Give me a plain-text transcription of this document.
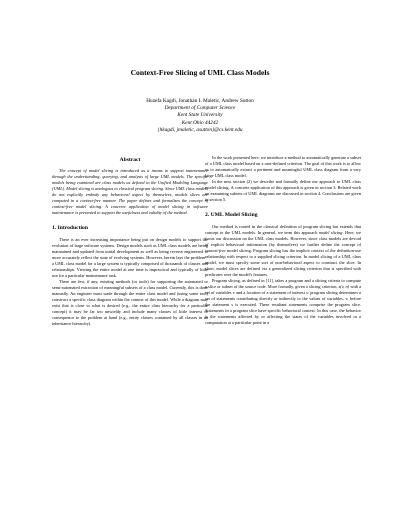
Context-Free Slicing of UML Class Models
Huzefa Kagdi, Jonathan I. Maletic, Andrew Sutton
Department of Computer Science
Kent State University
Kent Ohio 44242
{hkagdi, jmaletic, asutton}@cs.kent.edu
Abstract

The concept of model slicing is introduced as a means to support maintenance through the understanding, querying, and analysis of large UML models. The specific models being examined are class models as defined in the Unified Modeling Language (UML). Model slicing is analogous to classical program slicing. Since UML class models do not explicitly embody any behavioral aspect by themselves, models slices are computed in a context-free manner. The paper defines and formalizes the concept of context-free model slicing. A concrete application of model slicing in software maintenance is presented to support the usefulness and validity of the method.

1. Introduction

There is an ever increasing importance being put on design models to support the evolution of large software systems. Design models such as UML class models are being maintained and updated from initial development as well as being reverse engineered to more accurately reflect the state of evolving systems. However, herein lays the problem - a UML class model for a large system is typically comprised of thousands of classes and relationships. Viewing the entire model at one time is impractical and typically of little use for a particular maintenance task.

There are few, if any, existing methods (or tools) for supporting the automated or semi-automated extraction of meaningful subsets of a class model. Currently, this is done manually. An engineer must wade through the entire class model and (using some tool) construct a specific class diagram within the context of this model. While a diagram may exist that is close to what is desired (e.g., the entire class hierarchy for a particular concept) it may be far too unwieldy and include many classes of little interest or consequence to the problem at hand (e.g., entity classes contained by all classes in an inheritance hierarchy).

In the work presented here, we introduce a method to automatically generate a subset of a UML class model based on a user-defined criterion. The goal of this work is to allow us to automatically extract a pertinent and meaningful UML class diagram from a very large UML class model.

In the next section (2) we describe and formally define our approach to UML class model slicing. A concrete application of this approach is given in section 3. Related work on examining subsets of UML diagrams are discussed in section 4. Conclusions are given in section 5.

2. UML Model Slicing

Our method is rooted in the classical definition of program slicing but extends that concept to the UML models. In general, we term this approach model slicing. Here, we focus our discussion on the UML class models. However, since class models are devoid of explicit behavioral information (by themselves) we further define the concept of context-free model slicing. Program slicing has the implicit context of the definition-use relationship with respect to a supplied slicing criterion. In model slicing of a UML class model, we must specify some sort of non-behavioral aspect to construct the slice. In short, model slices are defined via a generalized slicing criterion that is specified with predicates over the model's features.

Program slicing, as defined in [11], takes a program and a slicing criteria to compute a slice or subset of the source code. More formally, given a slicing criterion, s(v, n) with a set of variables v and a location of a statement of interest s: program slicing determines a set of statements contributing directly or indirectly to the values of variables, v, before the statement s is executed. These resultant statements comprise the program slice. Statements in a program slice have specific behavioral context. In this case, the behavior is the statements affected by or affecting the states of the variables involved in a computation at a particular point in a
